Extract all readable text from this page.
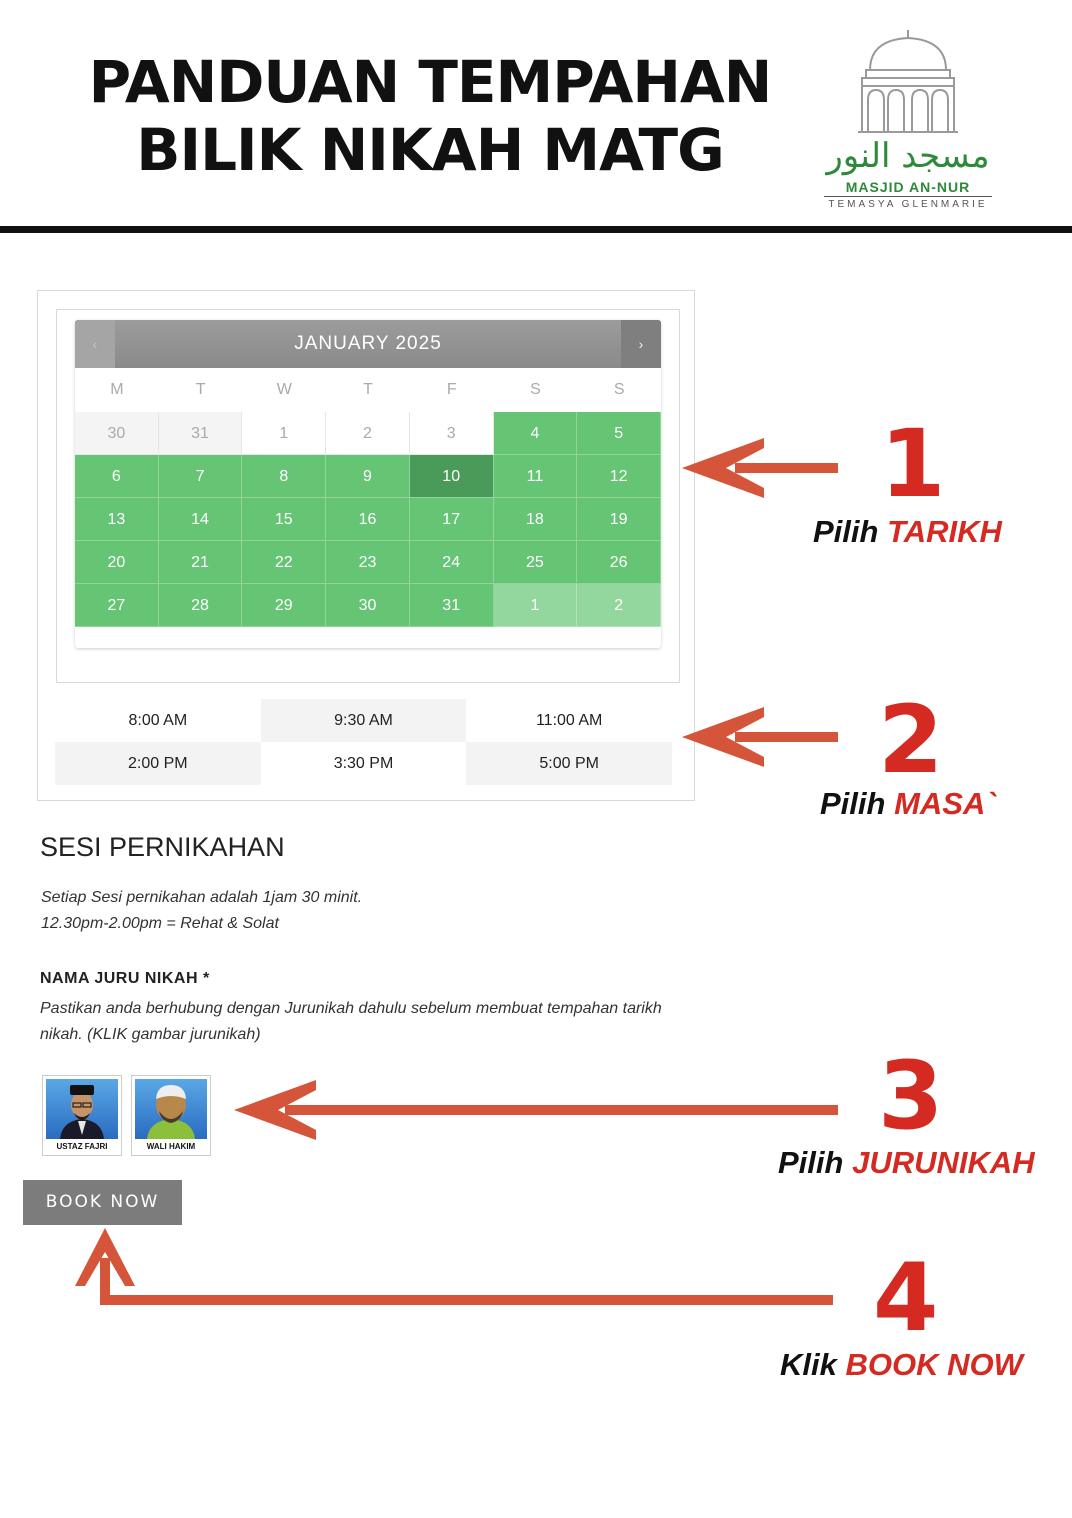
PANDUAN TEMPAHAN
BILIK NIKAH MATG	مسجد النور
MASJID AN-NUR
TEMASYA GLENMARIE
JANUARY 2025
‹	›
M	T	W	T	F	S	S
30	31	1	2	3	4	5
6	7	8	9	10	11	12
13	14	15	16	17	18	19
20	21	22	23	24	25	26
27	28	29	30	31	1	2
8:00 AM	9:30 AM	11:00 AM
2:00 PM	3:30 PM	5:00 PM
SESI PERNIKAHAN
Setiap Sesi pernikahan adalah 1jam 30 minit.
12.30pm-2.00pm = Rehat & Solat
NAMA JURU NIKAH *
Pastikan anda berhubung dengan Jurunikah dahulu sebelum membuat tempahan tarikh nikah. (KLIK gambar jurunikah)
USTAZ FAJRI	WALI HAKIM
BOOK NOW
1
Pilih TARIKH
2
Pilih MASA`
3
Pilih JURUNIKAH
4
Klik BOOK NOW
